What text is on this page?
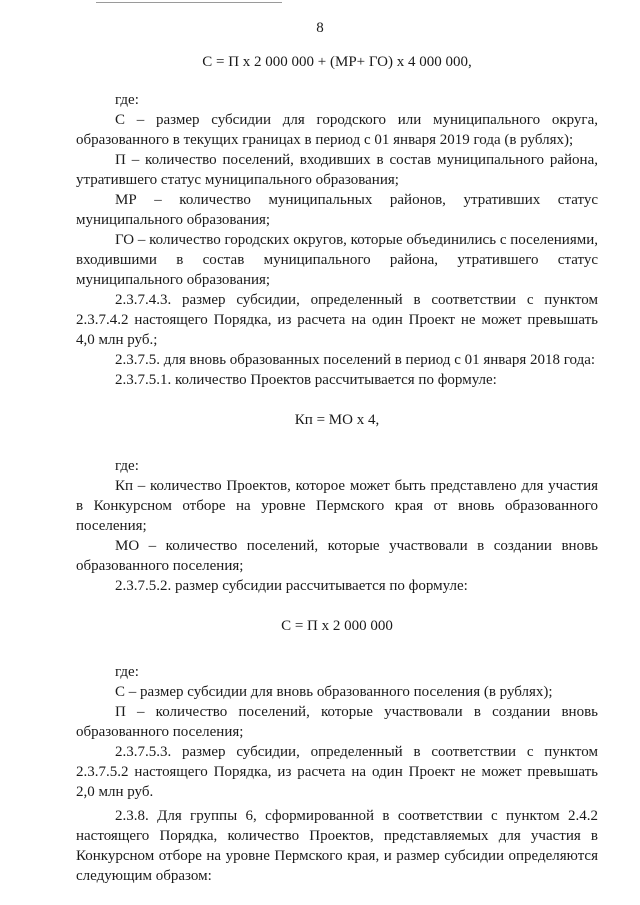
8

С = П х 2 000 000 + (МР+ ГО) х 4 000 000,

где:

С – размер субсидии для городского или муниципального округа, образованного в текущих границах в период с 01 января 2019 года (в рублях);

П – количество поселений, входивших в состав муниципального района, утратившего статус муниципального образования;

МР – количество муниципальных районов, утративших статус муниципального образования;

ГО – количество городских округов, которые объединились с поселениями, входившими в состав муниципального района, утратившего статус муниципального образования;

2.3.7.4.3. размер субсидии, определенный в соответствии с пунктом 2.3.7.4.2 настоящего Порядка, из расчета на один Проект не может превышать 4,0 млн руб.;

2.3.7.5. для вновь образованных поселений в период с 01 января 2018 года:

2.3.7.5.1. количество Проектов рассчитывается по формуле:

Кп = МО х 4,

где:

Кп – количество Проектов, которое может быть представлено для участия в Конкурсном отборе на уровне Пермского края от вновь образованного поселения;

МО – количество поселений, которые участвовали в создании вновь образованного поселения;

2.3.7.5.2. размер субсидии рассчитывается по формуле:

С = П х 2 000 000

где:

С – размер субсидии для вновь образованного поселения (в рублях);

П – количество поселений, которые участвовали в создании вновь образованного поселения;

2.3.7.5.3. размер субсидии, определенный в соответствии с пунктом 2.3.7.5.2 настоящего Порядка, из расчета на один Проект не может превышать 2,0 млн руб.

2.3.8. Для группы 6, сформированной в соответствии с пунктом 2.4.2 настоящего Порядка, количество Проектов, представляемых для участия в Конкурсном отборе на уровне Пермского края, и размер субсидии определяются следующим образом:
